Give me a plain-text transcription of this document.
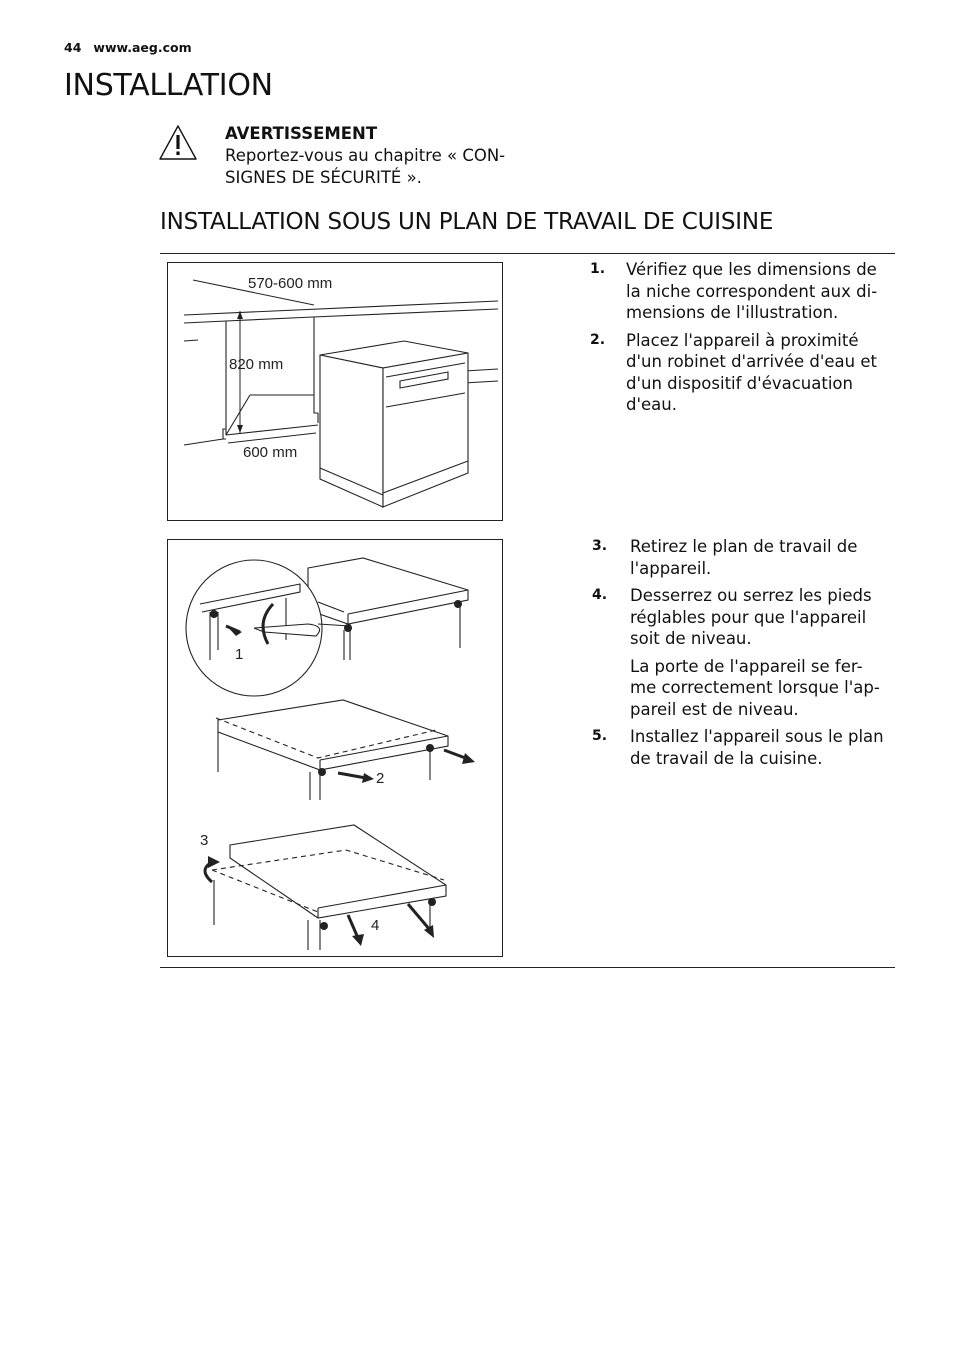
44 www.aeg.com
INSTALLATION
AVERTISSEMENT
Reportez-vous au chapitre « CON-
SIGNES DE SÉCURITÉ ».
INSTALLATION SOUS UN PLAN DE TRAVAIL DE CUISINE
570-600 mm
820 mm
600 mm
1
2
3
4
1. Vérifiez que les dimensions de
la niche correspondent aux di-
mensions de l'illustration.
2. Placez l'appareil à proximité
d'un robinet d'arrivée d'eau et
d'un dispositif d'évacuation
d'eau.
3. Retirez le plan de travail de
l'appareil.
4. Desserrez ou serrez les pieds
réglables pour que l'appareil
soit de niveau.
La porte de l'appareil se fer-
me correctement lorsque l'ap-
pareil est de niveau.
5. Installez l'appareil sous le plan
de travail de la cuisine.
